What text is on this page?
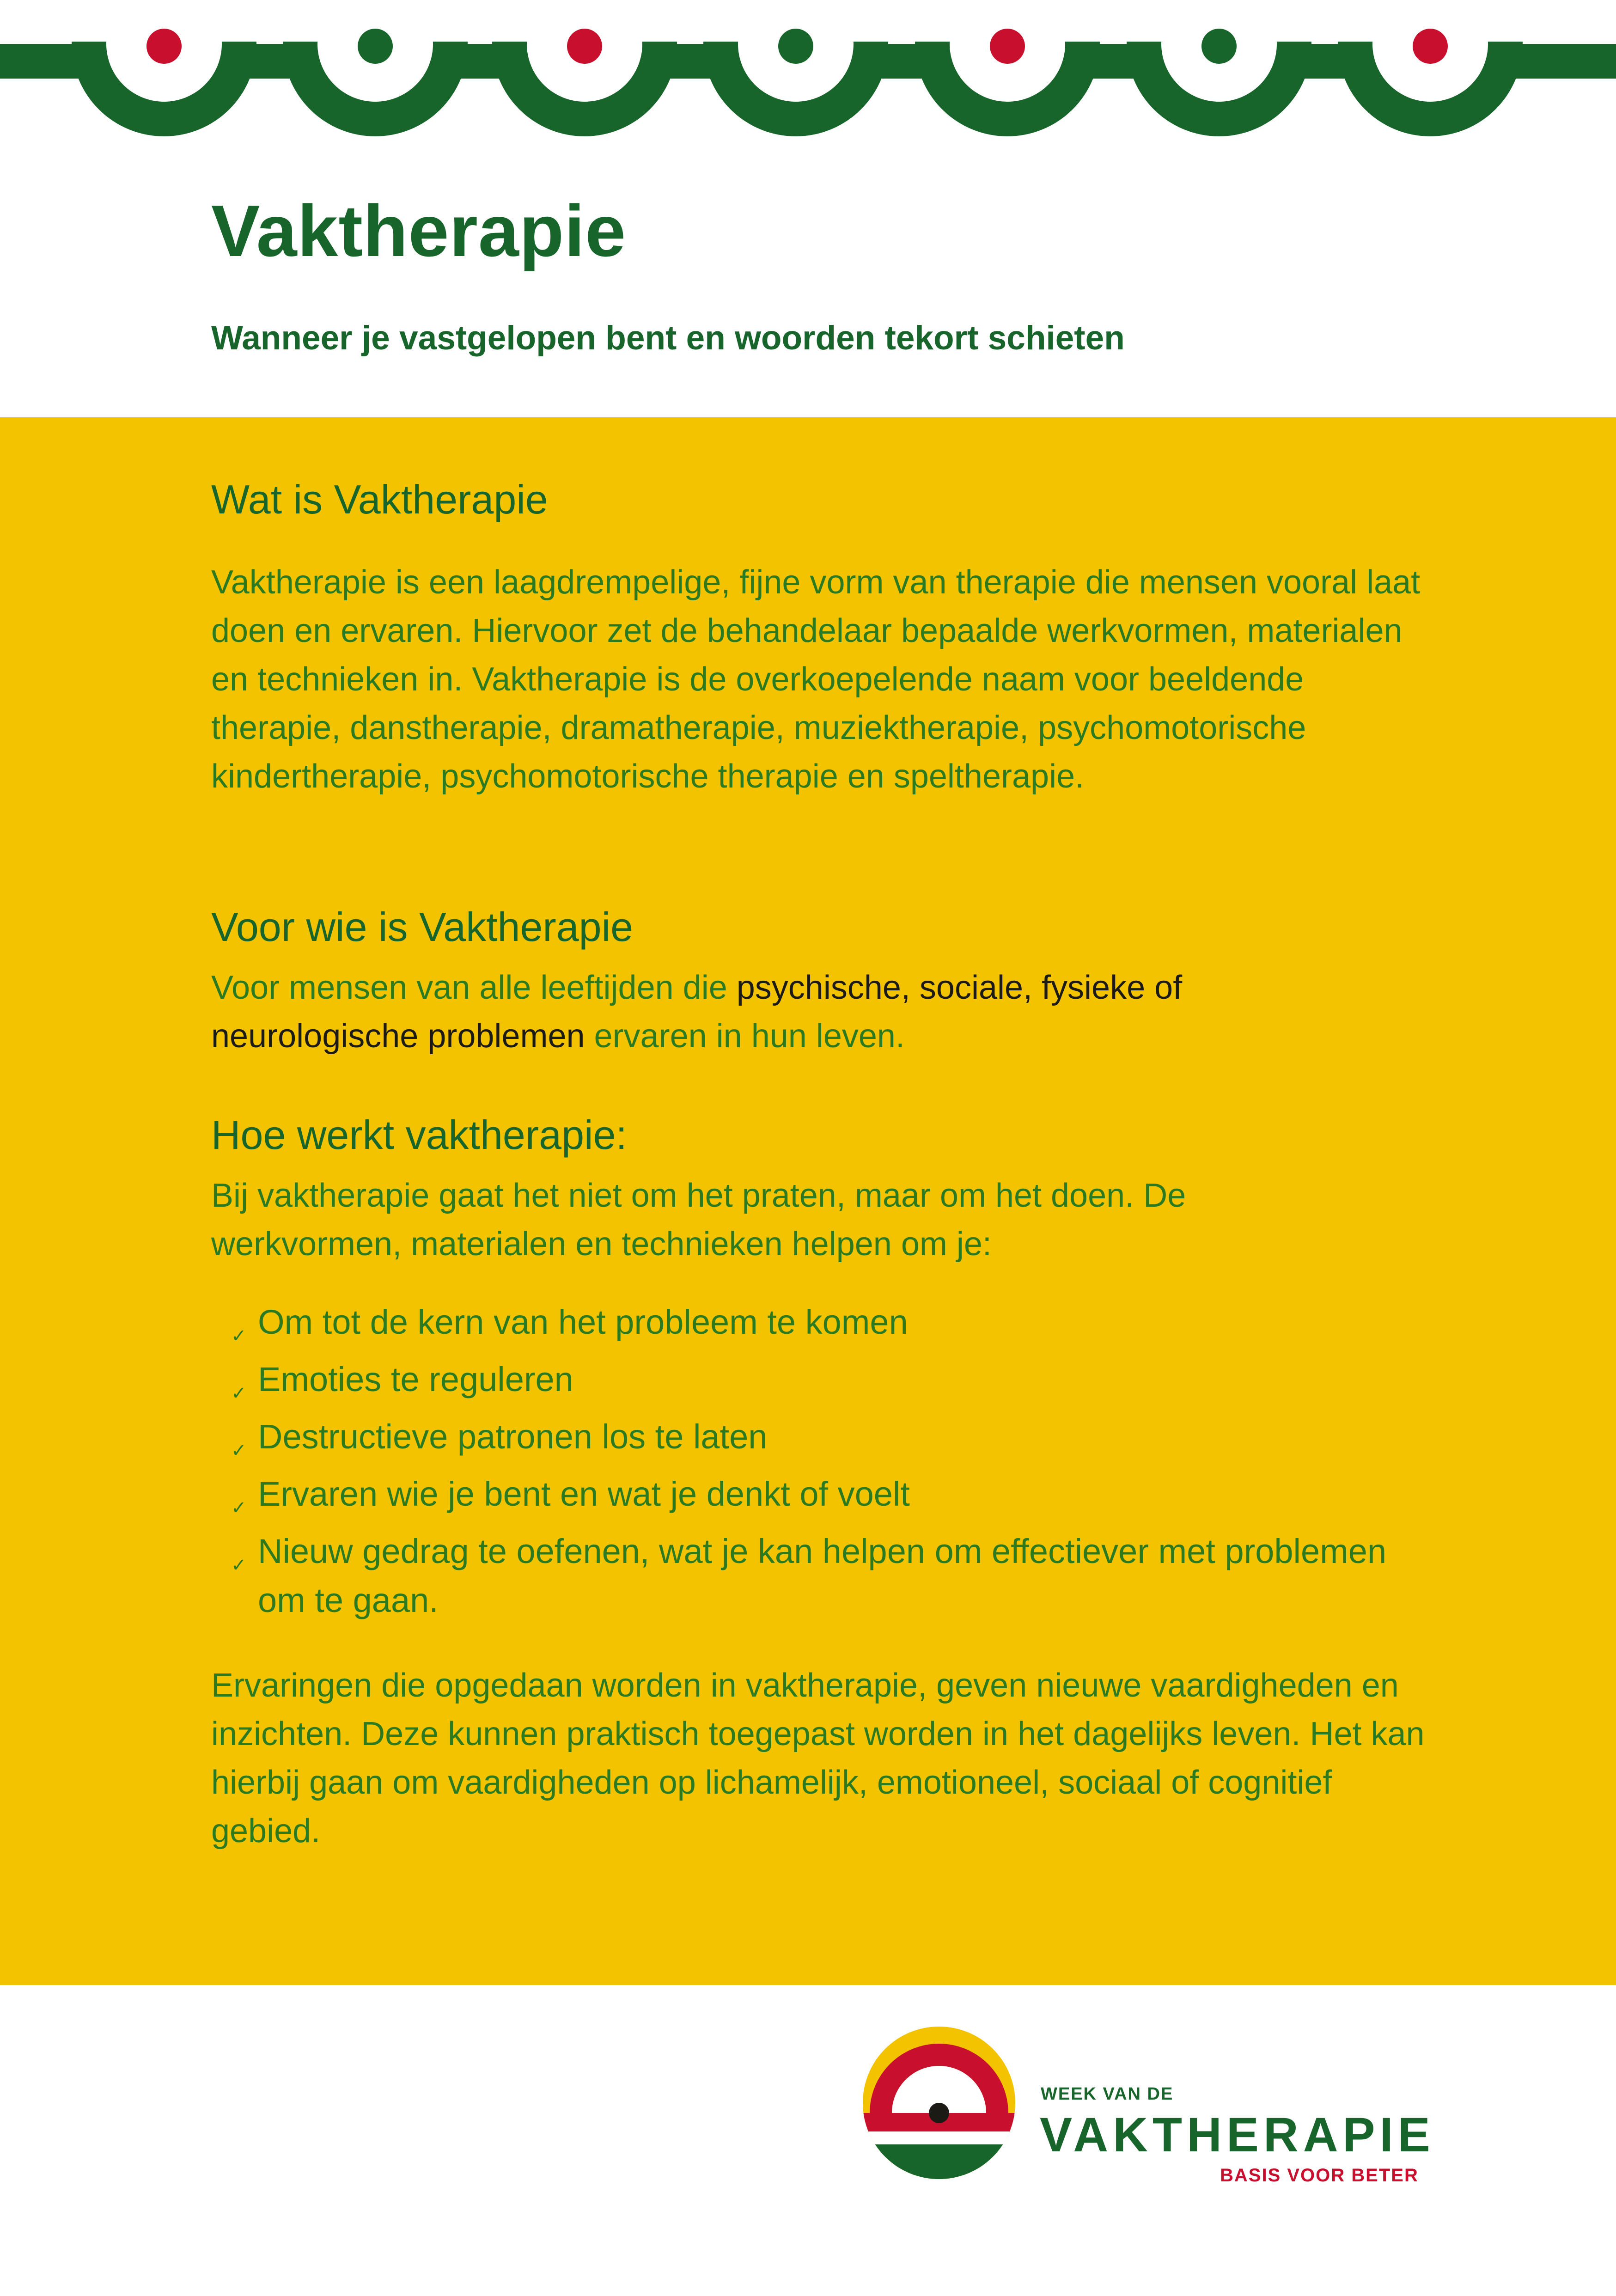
Vaktherapie

Wanneer je vastgelopen bent en woorden tekort schieten

Wat is Vaktherapie

Vaktherapie is een laagdrempelige, fijne vorm van therapie die mensen vooral laat doen en ervaren. Hiervoor zet de behandelaar bepaalde werkvormen, materialen en technieken in. Vaktherapie is de overkoepelende naam voor beeldende therapie, danstherapie, dramatherapie, muziektherapie, psychomotorische kindertherapie, psychomotorische therapie en speltherapie.

Voor wie is Vaktherapie

Voor mensen van alle leeftijden die psychische, sociale, fysieke of neurologische problemen ervaren in hun leven.

Hoe werkt vaktherapie:

Bij vaktherapie gaat het niet om het praten, maar om het doen. De werkvormen, materialen en technieken helpen om je:

✓ Om tot de kern van het probleem te komen
✓ Emoties te reguleren
✓ Destructieve patronen los te laten
✓ Ervaren wie je bent en wat je denkt of voelt
✓ Nieuw gedrag te oefenen, wat je kan helpen om effectiever met problemen om te gaan.

Ervaringen die opgedaan worden in vaktherapie, geven nieuwe vaardigheden en inzichten. Deze kunnen praktisch toegepast worden in het dagelijks leven. Het kan hierbij gaan om vaardigheden op lichamelijk, emotioneel, sociaal of cognitief gebied.

WEEK VAN DE

VAKTHERAPIE

BASIS VOOR BETER
